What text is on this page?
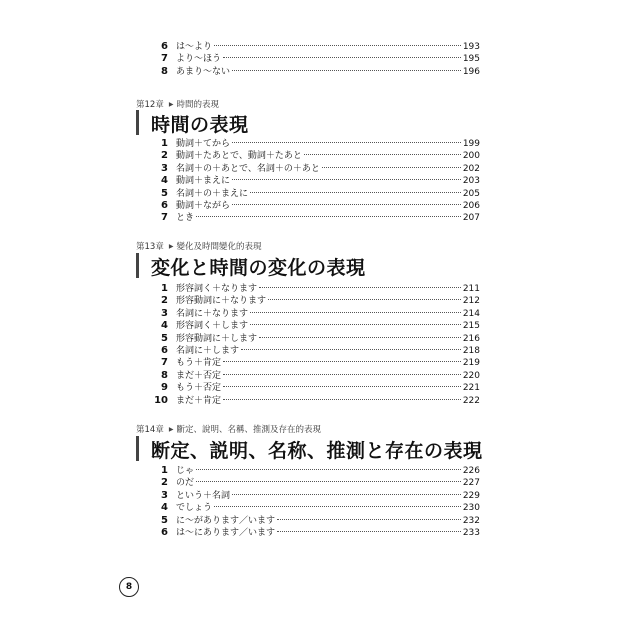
6 は～より	193
7 より～ほう	195
8 あまり～ない	196
第12章 ▶ 時間的表現
時間の表現
1 動詞＋てから	199
2 動詞＋たあとで、動詞＋たあと	200
3 名詞＋の＋あとで、名詞＋の＋あと	202
4 動詞＋まえに	203
5 名詞＋の＋まえに	205
6 動詞＋ながら	206
7 とき	207
第13章 ▶ 變化及時間變化的表現
変化と時間の変化の表現
1 形容詞く＋なります	211
2 形容動詞に＋なります	212
3 名詞に＋なります	214
4 形容詞く＋します	215
5 形容動詞に＋します	216
6 名詞に＋します	218
7 もう＋肯定	219
8 まだ＋否定	220
9 もう＋否定	221
10 まだ＋肯定	222
第14章 ▶ 斷定、說明、名稱、推測及存在的表現
断定、説明、名称、推測と存在の表現
1 じゃ	226
2 のだ	227
3 という＋名詞	229
4 でしょう	230
5 に～があります／います	232
6 は～にあります／います	233
8
